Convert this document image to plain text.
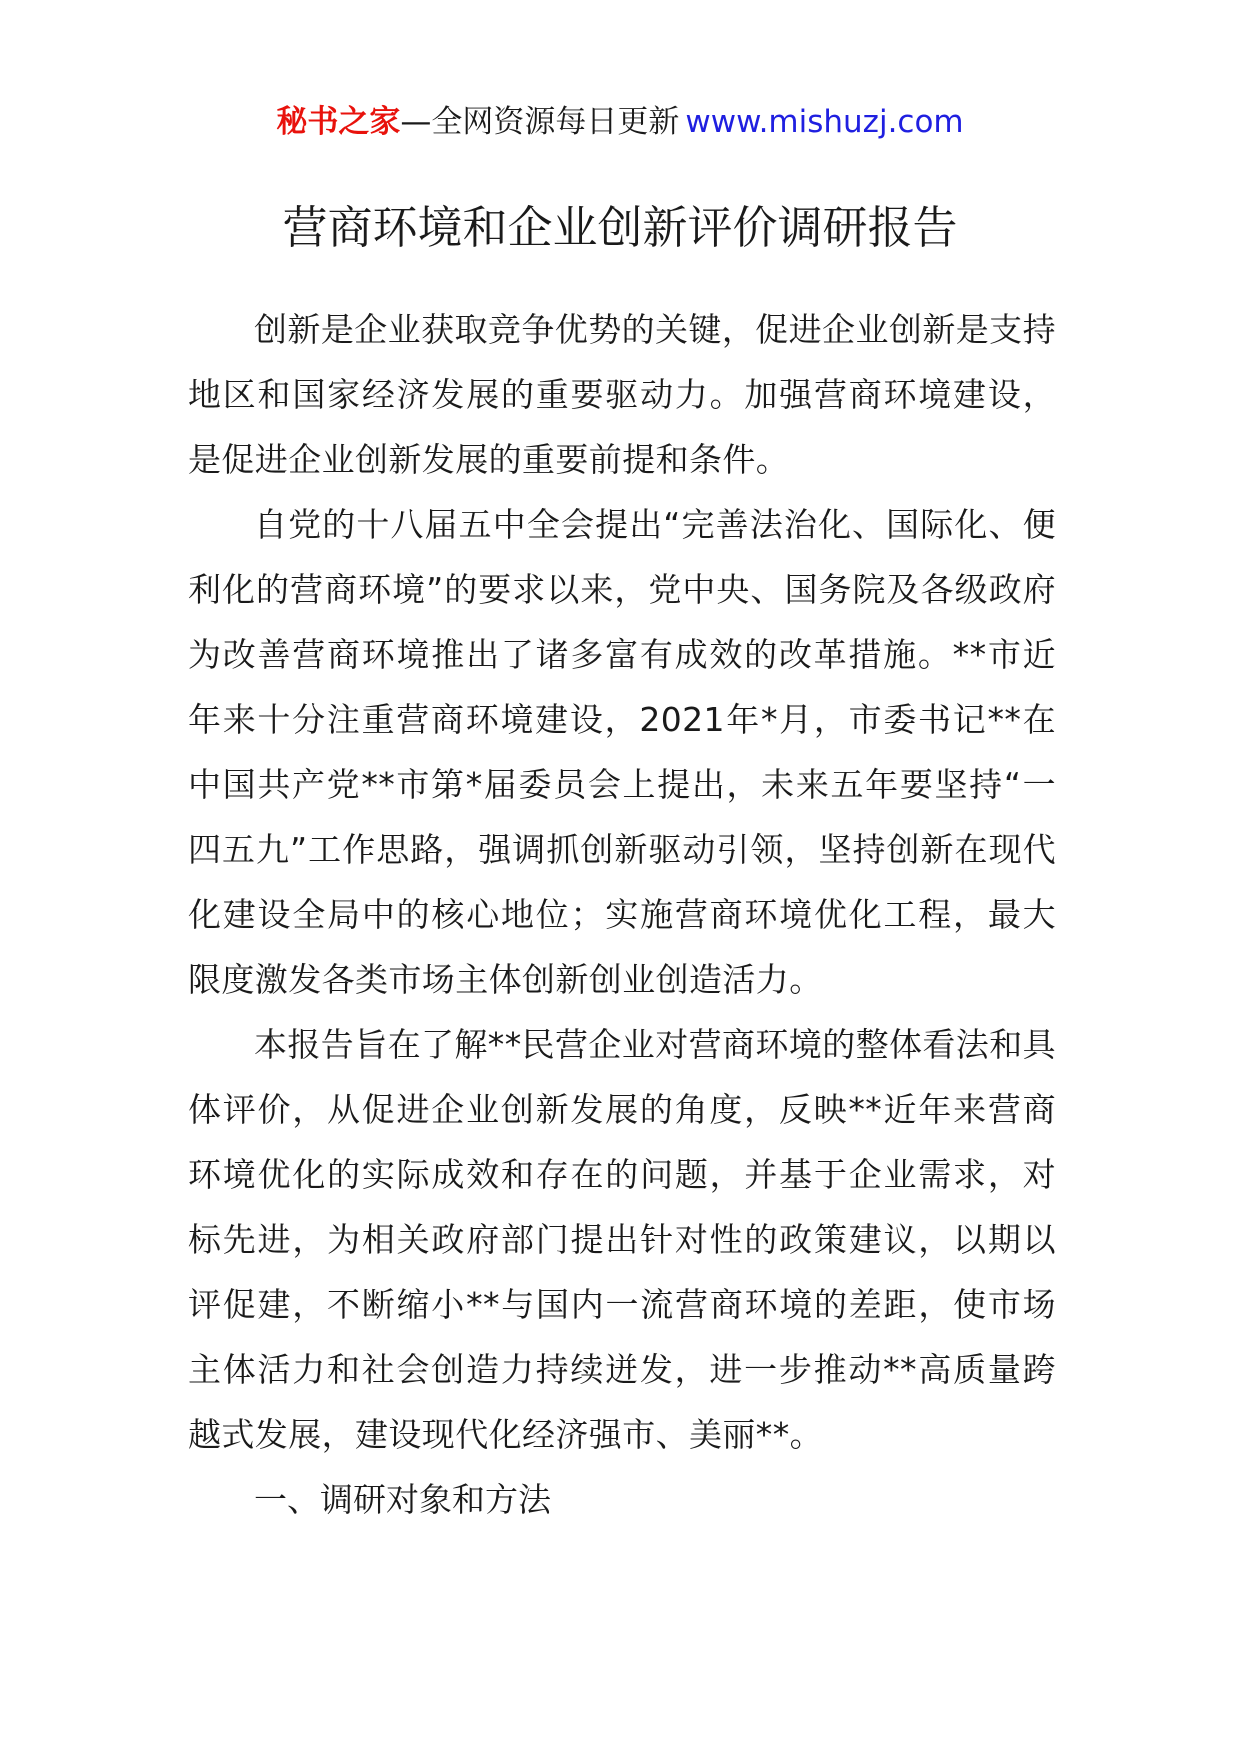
秘书之家—全网资源每日更新 www.mishuzj.com
营商环境和企业创新评价调研报告

创新是企业获取竞争优势的关键，促进企业创新是支持地区和国家经济发展的重要驱动力。加强营商环境建设，是促进企业创新发展的重要前提和条件。

自党的十八届五中全会提出“完善法治化、国际化、便利化的营商环境”的要求以来，党中央、国务院及各级政府为改善营商环境推出了诸多富有成效的改革措施。**市近年来十分注重营商环境建设，2021年*月，市委书记**在中国共产党**市第*届委员会上提出，未来五年要坚持“一四五九”工作思路，强调抓创新驱动引领，坚持创新在现代化建设全局中的核心地位；实施营商环境优化工程，最大限度激发各类市场主体创新创业创造活力。

本报告旨在了解**民营企业对营商环境的整体看法和具体评价，从促进企业创新发展的角度，反映**近年来营商环境优化的实际成效和存在的问题，并基于企业需求，对标先进，为相关政府部门提出针对性的政策建议，以期以评促建，不断缩小**与国内一流营商环境的差距，使市场主体活力和社会创造力持续迸发，进一步推动**高质量跨越式发展，建设现代化经济强市、美丽**。

一、调研对象和方法
